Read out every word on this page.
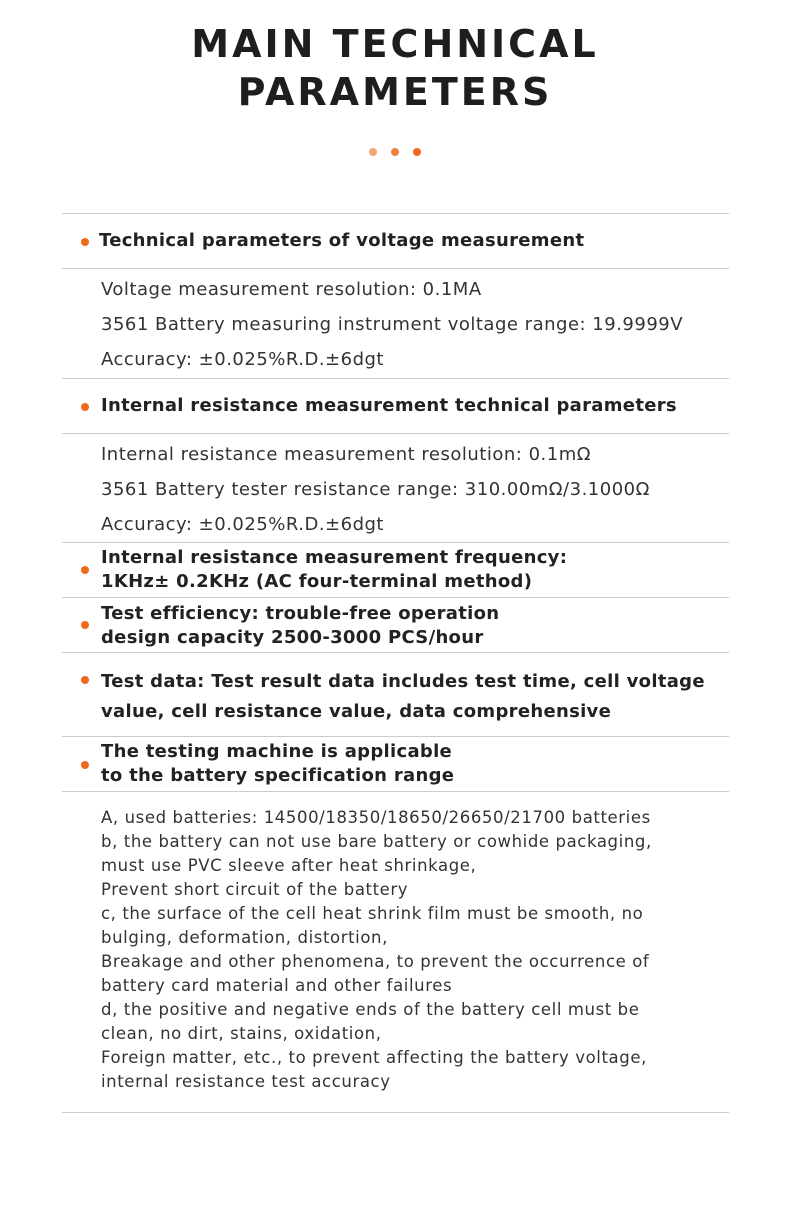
MAIN TECHNICAL
PARAMETERS
Technical parameters of voltage measurement
Voltage measurement resolution: 0.1MA
3561 Battery measuring instrument voltage range: 19.9999V
Accuracy: ±0.025%R.D.±6dgt
Internal resistance measurement technical parameters
Internal resistance measurement resolution: 0.1mΩ
3561 Battery tester resistance range: 310.00mΩ/3.1000Ω
Accuracy: ±0.025%R.D.±6dgt
Internal resistance measurement frequency:
1KHz± 0.2KHz (AC four-terminal method)
Test efficiency: trouble-free operation
design capacity 2500-3000 PCS/hour
Test data: Test result data includes test time, cell voltage
value, cell resistance value, data comprehensive
The testing machine is applicable
to the battery specification range
A, used batteries: 14500/18350/18650/26650/21700 batteries
b, the battery can not use bare battery or cowhide packaging,
must use PVC sleeve after heat shrinkage,
Prevent short circuit of the battery
c, the surface of the cell heat shrink film must be smooth, no
bulging, deformation, distortion,
Breakage and other phenomena, to prevent the occurrence of
battery card material and other failures
d, the positive and negative ends of the battery cell must be
clean, no dirt, stains, oxidation,
Foreign matter, etc., to prevent affecting the battery voltage,
internal resistance test accuracy
